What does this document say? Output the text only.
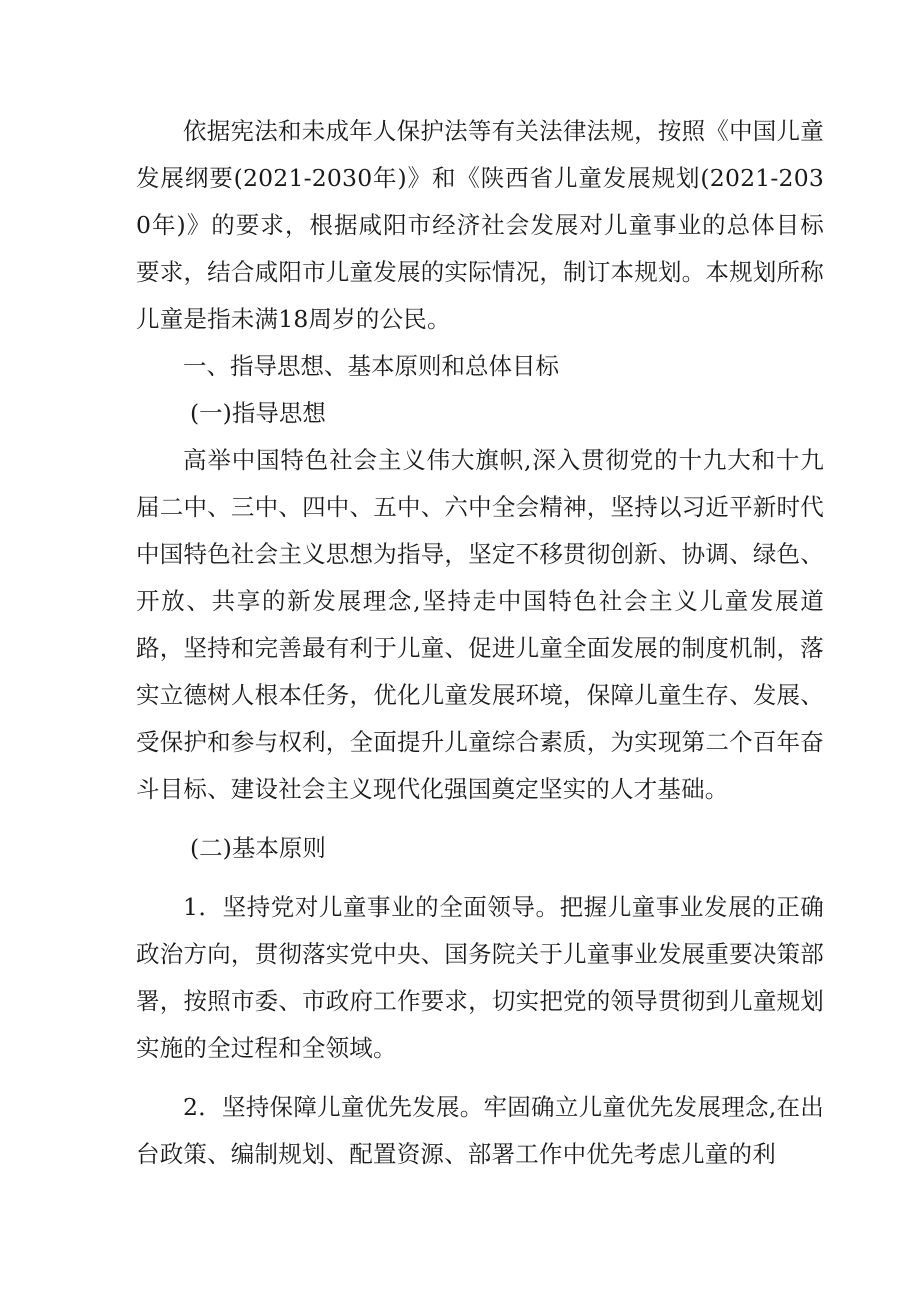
依据宪法和未成年人保护法等有关法律法规，按照《中国儿童发展纲要(2021-2030年)》和《陕西省儿童发展规划(2021-2030年)》的要求，根据咸阳市经济社会发展对儿童事业的总体目标要求，结合咸阳市儿童发展的实际情况，制订本规划。本规划所称儿童是指未满18周岁的公民。

一、指导思想、基本原则和总体目标

(一)指导思想

高举中国特色社会主义伟大旗帜,深入贯彻党的十九大和十九届二中、三中、四中、五中、六中全会精神，坚持以习近平新时代中国特色社会主义思想为指导，坚定不移贯彻创新、协调、绿色、开放、共享的新发展理念,坚持走中国特色社会主义儿童发展道路，坚持和完善最有利于儿童、促进儿童全面发展的制度机制，落实立德树人根本任务，优化儿童发展环境，保障儿童生存、发展、受保护和参与权利，全面提升儿童综合素质，为实现第二个百年奋斗目标、建设社会主义现代化强国奠定坚实的人才基础。

(二)基本原则

1．坚持党对儿童事业的全面领导。把握儿童事业发展的正确政治方向，贯彻落实党中央、国务院关于儿童事业发展重要决策部署，按照市委、市政府工作要求，切实把党的领导贯彻到儿童规划实施的全过程和全领域。

2．坚持保障儿童优先发展。牢固确立儿童优先发展理念,在出台政策、编制规划、配置资源、部署工作中优先考虑儿童的利
